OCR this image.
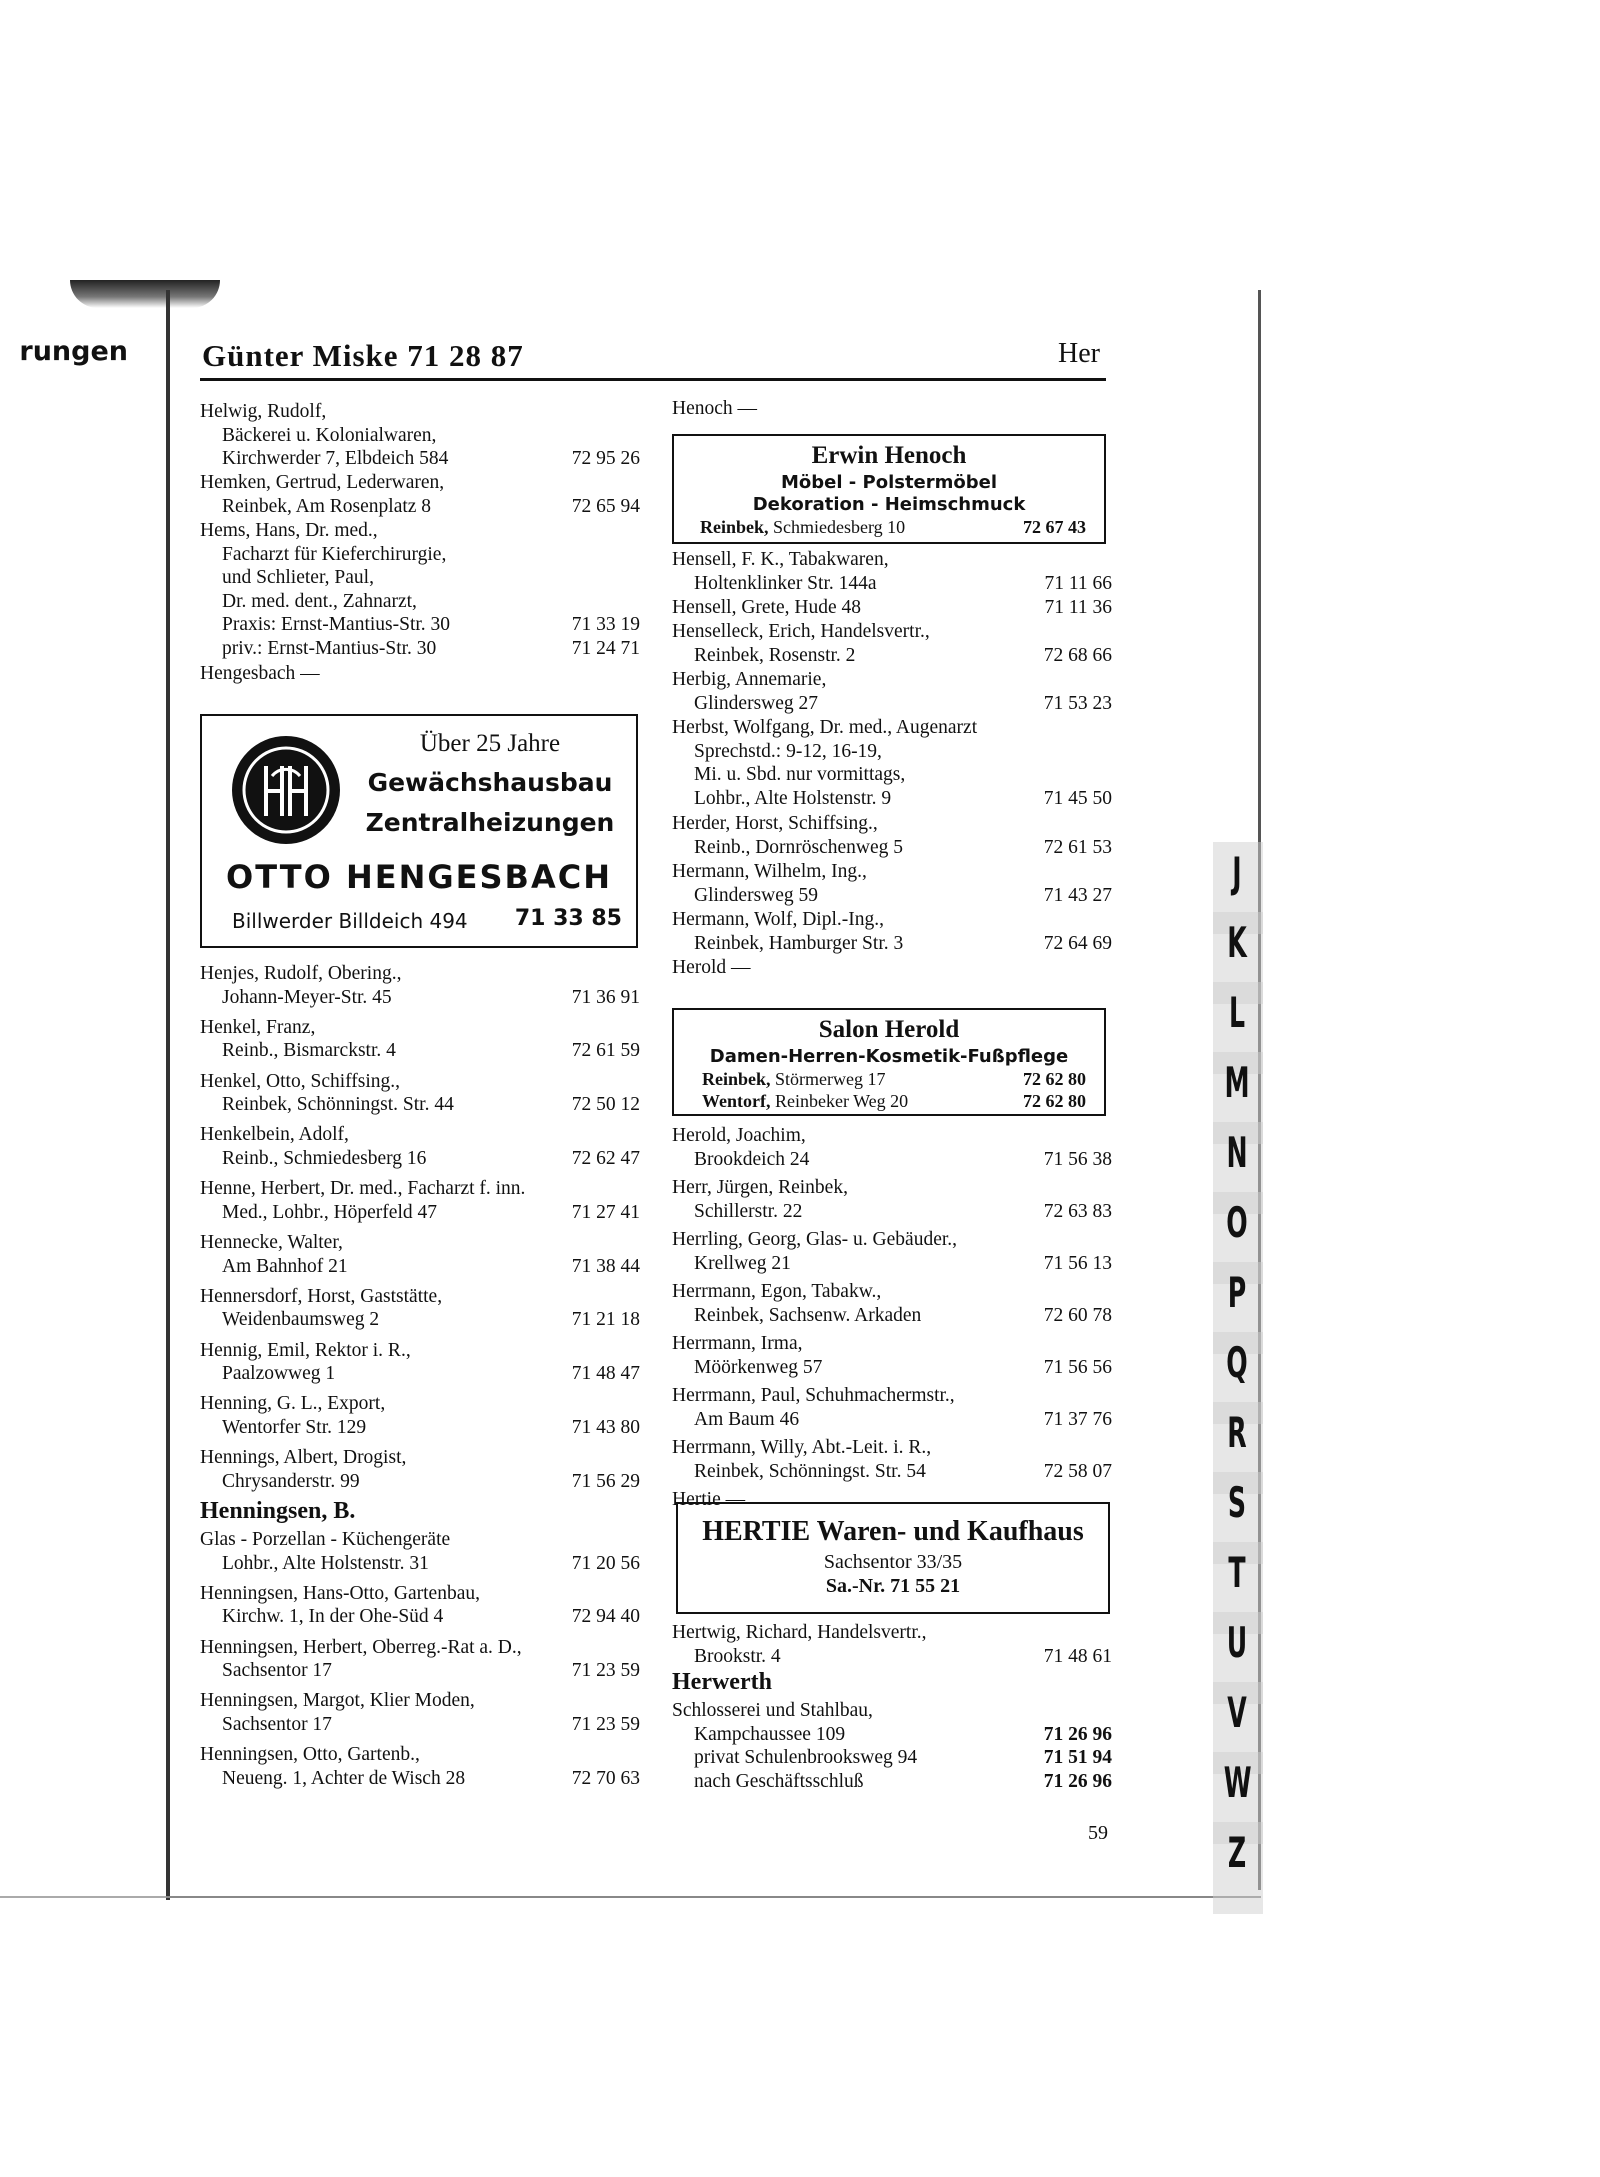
rungen Günter Miske 71 28 87	Her
Helwig, Rudolf,
Bäckerei u. Kolonialwaren,
Kirchwerder 7, Elbdeich 584	72 95 26
Hemken, Gertrud, Lederwaren,
Reinbek, Am Rosenplatz 8	72 65 94
Hems, Hans, Dr. med.,
Facharzt für Kieferchirurgie,
und Schlieter, Paul,
Dr. med. dent., Zahnarzt,
Praxis: Ernst-Mantius-Str. 30	71 33 19
priv.: Ernst-Mantius-Str. 30	71 24 71
Hengesbach —
Henjes, Rudolf, Obering.,
Johann-Meyer-Str. 45	71 36 91
Henkel, Franz,
Reinb., Bismarckstr. 4	72 61 59
Henkel, Otto, Schiffsing.,
Reinbek, Schönningst. Str. 44	72 50 12
Henkelbein, Adolf,
Reinb., Schmiedesberg 16	72 62 47
Henne, Herbert, Dr. med., Facharzt f. inn.
Med., Lohbr., Höperfeld 47	71 27 41
Hennecke, Walter,
Am Bahnhof 21	71 38 44
Hennersdorf, Horst, Gaststätte,
Weidenbaumsweg 2	71 21 18
Hennig, Emil, Rektor i. R.,
Paalzowweg 1	71 48 47
Henning, G. L., Export,
Wentorfer Str. 129	71 43 80
Hennings, Albert, Drogist,
Chrysanderstr. 99	71 56 29
Henningsen, B.
Glas - Porzellan - Küchengeräte
Lohbr., Alte Holstenstr. 31	71 20 56
Henningsen, Hans-Otto, Gartenbau,
Kirchw. 1, In der Ohe-Süd 4	72 94 40
Henningsen, Herbert, Oberreg.-Rat a. D.,
Sachsentor 17	71 23 59
Henningsen, Margot, Klier Moden,
Sachsentor 17	71 23 59
Henningsen, Otto, Gartenb.,
Neueng. 1, Achter de Wisch 28	72 70 63
Über 25 Jahre
Gewächshausbau
Zentralheizungen
OTTO HENGESBACH
Billwerder Billdeich 494 71 33 85
Henoch —
Hensell, F. K., Tabakwaren,
Holtenklinker Str. 144a	71 11 66
Hensell, Grete, Hude 48	71 11 36
Henselleck, Erich, Handelsvertr.,
Reinbek, Rosenstr. 2	72 68 66
Herbig, Annemarie,
Glindersweg 27	71 53 23
Herbst, Wolfgang, Dr. med., Augenarzt
Sprechstd.: 9-12, 16-19,
Mi. u. Sbd. nur vormittags,
Lohbr., Alte Holstenstr. 9	71 45 50
Herder, Horst, Schiffsing.,
Reinb., Dornröschenweg 5	72 61 53
Hermann, Wilhelm, Ing.,
Glindersweg 59	71 43 27
Hermann, Wolf, Dipl.-Ing.,
Reinbek, Hamburger Str. 3	72 64 69
Herold —
Herold, Joachim,
Brookdeich 24	71 56 38
Herr, Jürgen, Reinbek,
Schillerstr. 22	72 63 83
Herrling, Georg, Glas- u. Gebäuder.,
Krellweg 21	71 56 13
Herrmann, Egon, Tabakw.,
Reinbek, Sachsenw. Arkaden	72 60 78
Herrmann, Irma,
Möörkenweg 57	71 56 56
Herrmann, Paul, Schuhmachermstr.,
Am Baum 46	71 37 76
Herrmann, Willy, Abt.-Leit. i. R.,
Reinbek, Schönningst. Str. 54	72 58 07
Hertie —
Hertwig, Richard, Handelsvertr.,
Brookstr. 4	71 48 61
Herwerth
Schlosserei und Stahlbau,
Kampchaussee 109	71 26 96
privat Schulenbrooksweg 94	71 51 94
nach Geschäftsschluß	71 26 96
Erwin Henoch
Möbel - Polstermöbel
Dekoration - Heimschmuck
Reinbek, Schmiedesberg 10	72 67 43
Salon Herold
Damen-Herren-Kosmetik-Fußpflege
Reinbek, Störmerweg 17	72 62 80
Wentorf, Reinbeker Weg 20	72 62 80
HERTIE Waren- und Kaufhaus
Sachsentor 33/35
Sa.-Nr. 71 55 21
59
J
K
L
M
N
O
P
Q
R
S
T
U
V
W
Z
